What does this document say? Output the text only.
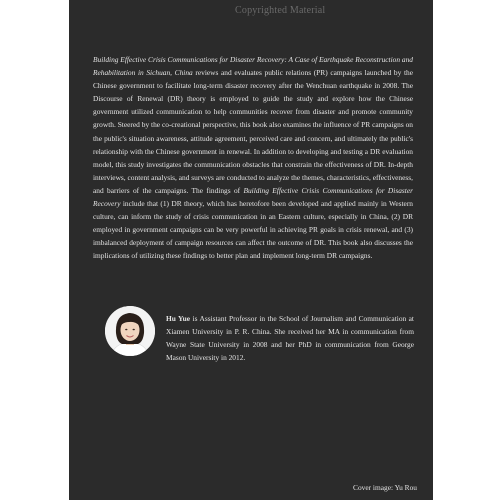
Copyrighted Material

Building Effective Crisis Communications for Disaster Recovery: A Case of Earthquake Reconstruction and Rehabilitation in Sichuan, China reviews and evaluates public relations (PR) campaigns launched by the Chinese government to facilitate long-term disaster recovery after the Wenchuan earthquake in 2008. The Discourse of Renewal (DR) theory is employed to guide the study and explore how the Chinese government utilized communication to help communities recover from disaster and promote community growth. Steered by the co-creational perspective, this book also examines the influence of PR campaigns on the public's situation awareness, attitude agreement, perceived care and concern, and ultimately the public's relationship with the Chinese government in renewal. In addition to developing and testing a DR evaluation model, this study investigates the communication obstacles that constrain the effectiveness of DR. In-depth interviews, content analysis, and surveys are conducted to analyze the themes, characteristics, effectiveness, and barriers of the campaigns. The findings of Building Effective Crisis Communications for Disaster Recovery include that (1) DR theory, which has heretofore been developed and applied mainly in Western culture, can inform the study of crisis communication in an Eastern culture, especially in China, (2) DR employed in government campaigns can be very powerful in achieving PR goals in crisis renewal, and (3) imbalanced deployment of campaign resources can affect the outcome of DR. This book also discusses the implications of utilizing these findings to better plan and implement long-term DR campaigns.

Hu Yue is Assistant Professor in the School of Journalism and Communication at Xiamen University in P. R. China. She received her MA in communication from Wayne State University in 2008 and her PhD in communication from George Mason University in 2012.

Cover image: Yu Rou
